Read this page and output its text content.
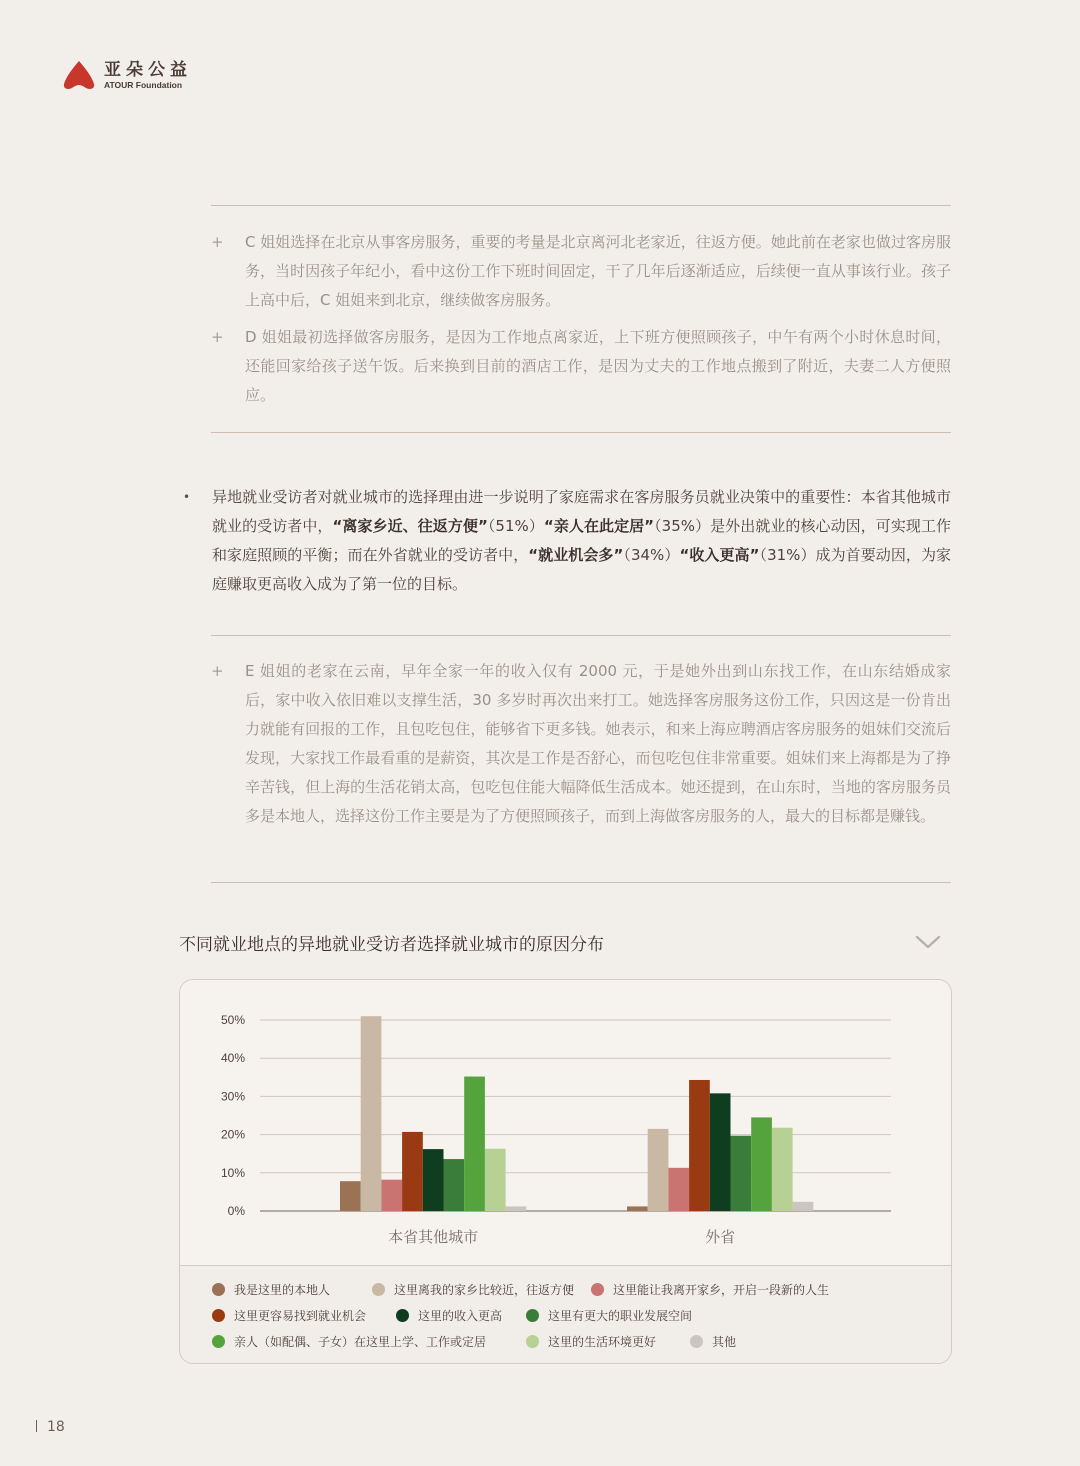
亚朵公益
ATOUR Foundation
+ C 姐姐选择在北京从事客房服务，重要的考量是北京离河北老家近，往返方便。她此前在老家也做过客房服务，当时因孩子年纪小，看中这份工作下班时间固定，干了几年后逐渐适应，后续便一直从事该行业。孩子上高中后，C 姐姐来到北京，继续做客房服务。
+ D 姐姐最初选择做客房服务，是因为工作地点离家近，上下班方便照顾孩子，中午有两个小时休息时间，还能回家给孩子送午饭。后来换到目前的酒店工作，是因为丈夫的工作地点搬到了附近，夫妻二人方便照应。
• 异地就业受访者对就业城市的选择理由进一步说明了家庭需求在客房服务员就业决策中的重要性：本省其他城市就业的受访者中，“离家乡近、往返方便”（51%）“亲人在此定居”（35%）是外出就业的核心动因，可实现工作和家庭照顾的平衡；而在外省就业的受访者中，“就业机会多”（34%）“收入更高”（31%）成为首要动因，为家庭赚取更高收入成为了第一位的目标。
+ E 姐姐的老家在云南，早年全家一年的收入仅有 2000 元，于是她外出到山东找工作，在山东结婚成家后，家中收入依旧难以支撑生活，30 多岁时再次出来打工。她选择客房服务这份工作，只因这是一份肯出力就能有回报的工作，且包吃包住，能够省下更多钱。她表示，和来上海应聘酒店客房服务的姐妹们交流后发现，大家找工作最看重的是薪资，其次是工作是否舒心，而包吃包住非常重要。姐妹们来上海都是为了挣辛苦钱，但上海的生活花销太高，包吃包住能大幅降低生活成本。她还提到，在山东时，当地的客房服务员多是本地人，选择这份工作主要是为了方便照顾孩子，而到上海做客房服务的人，最大的目标都是赚钱。
不同就业地点的异地就业受访者选择就业城市的原因分布
0%
10%
20%
30%
40%
50%
本省其他城市	外省
我是这里的本地人	这里离我的家乡比较近，往返方便	这里能让我离开家乡，开启一段新的人生
这里更容易找到就业机会	这里的收入更高	这里有更大的职业发展空间
亲人（如配偶、子女）在这里上学、工作或定居	这里的生活环境更好	其他
18
